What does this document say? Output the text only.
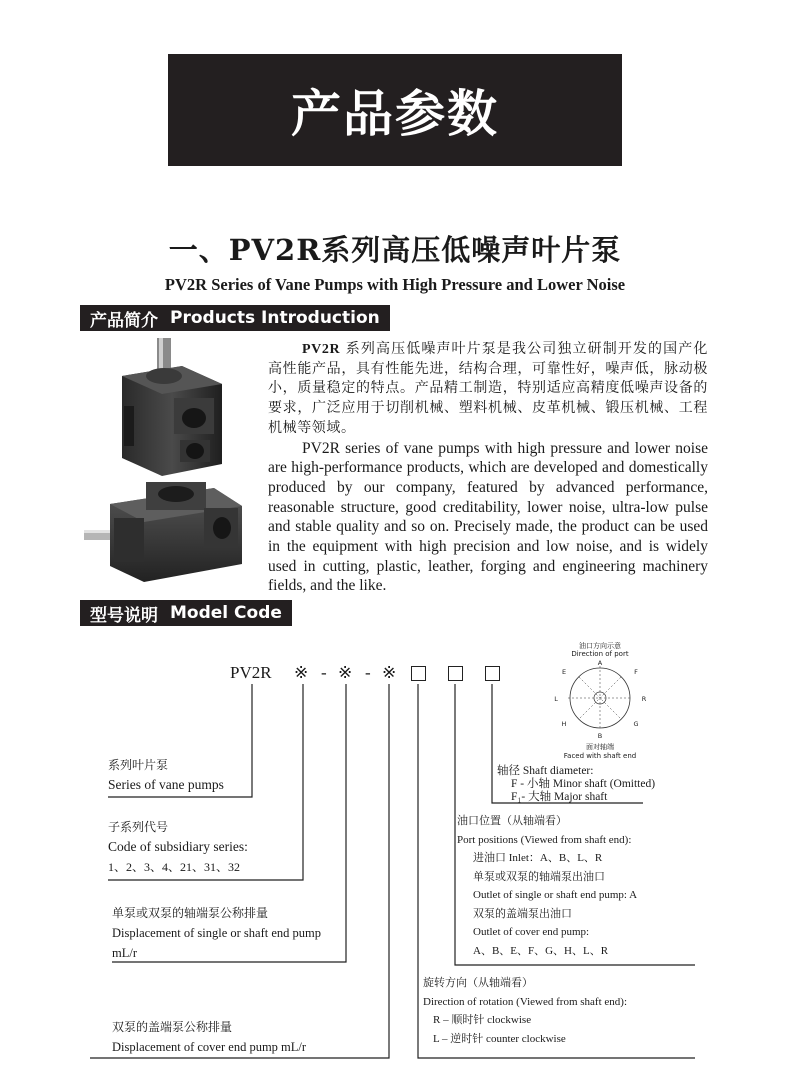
产品参数
一、PV2R系列高压低噪声叶片泵
PV2R Series of Vane Pumps with High Pressure and Lower Noise
产品简介 Products Introduction

PV2R 系列高压低噪声叶片泵是我公司独立研制开发的国产化高性能产品，具有性能先进，结构合理，可靠性好，噪声低，脉动极小，质量稳定的特点。产品精工制造，特别适应高精度低噪声设备的要求，广泛应用于切削机械、塑料机械、皮革机械、锻压机械、工程机械等领域。

PV2R series of vane pumps with high pressure and lower noise are high-performance products, which are developed and domestically produced by our company, featured by advanced performance, reasonable structure, good creditability, lower noise, ultra-low pulse and stable quality and so on. Precisely made, the product can be used in the equipment with high precision and low noise, and is widely used in cutting, plastic, leather, forging and engineering machinery fields, and the like.

型号说明 Model Code
PV2R ※ - ※ - ※
油口方向示意
Direction of port
A
E	F
L	R
H	G
B
面对轴端
Faced with shaft end
系列叶片泵
Series of vane pumps
子系列代号
Code of subsidiary series:
1、2、3、4、21、31、32
单泵或双泵的轴端泵公称排量
Displacement of single or shaft end pump
mL/r
双泵的盖端泵公称排量
Displacement of cover end pump mL/r
轴径 Shaft diameter:
F - 小轴 Minor shaft (Omitted)
F₁- 大轴 Major shaft
油口位置（从轴端看）
Port positions (Viewed from shaft end):
进油口 Inlet：A、B、L、R
单泵或双泵的轴端泵出油口
Outlet of single or shaft end pump: A
双泵的盖端泵出油口
Outlet of cover end pump:
A、B、E、F、G、H、L、R
旋转方向（从轴端看）
Direction of rotation (Viewed from shaft end):
R – 顺时针 clockwise
L – 逆时针 counter clockwise
